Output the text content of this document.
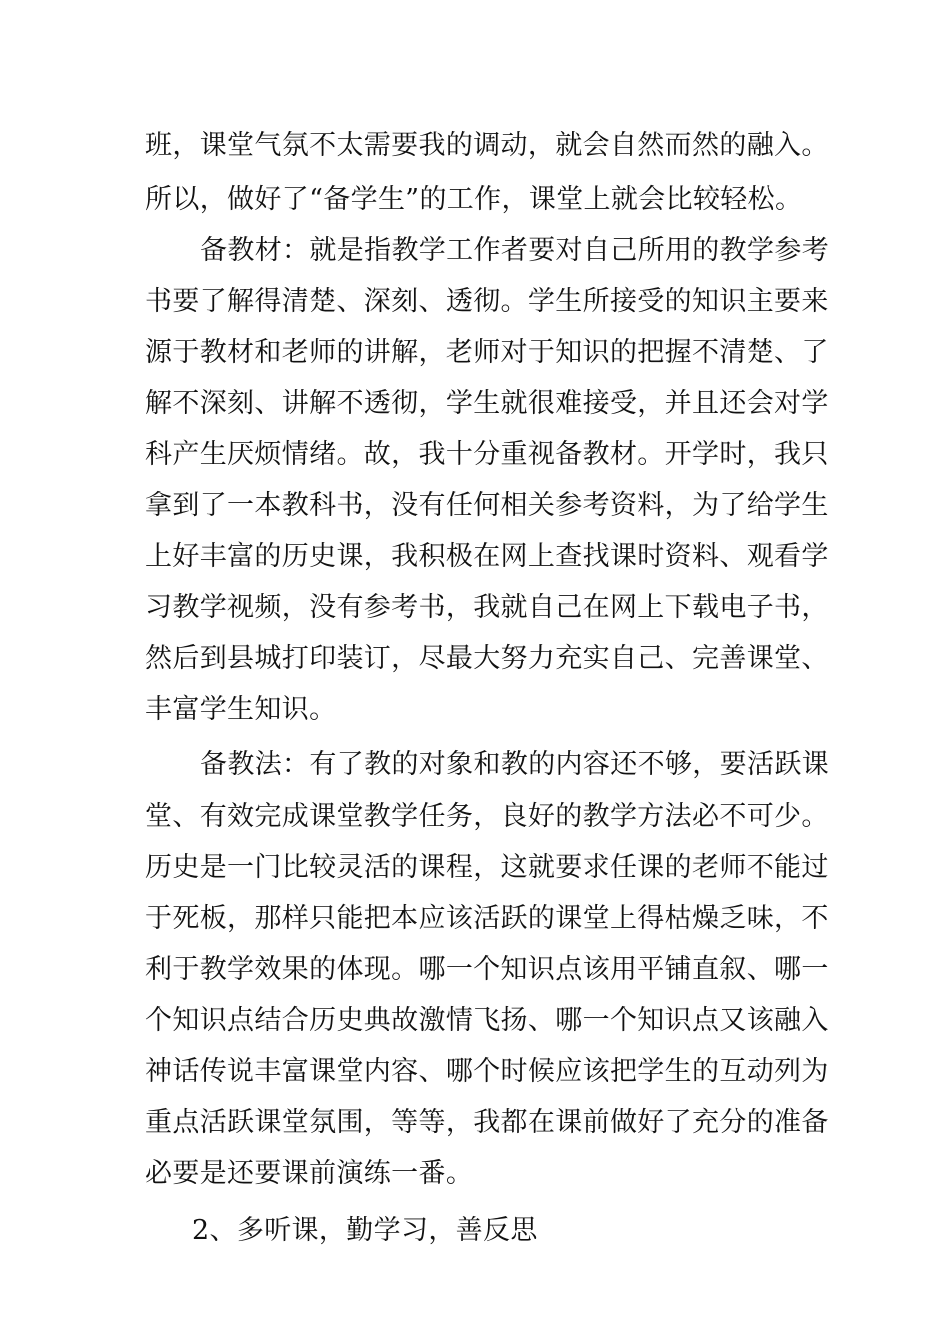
班，课堂气氛不太需要我的调动，就会自然而然的融入。
所以，做好了“备学生”的工作，课堂上就会比较轻松。
备教材：就是指教学工作者要对自己所用的教学参考
书要了解得清楚、深刻、透彻。学生所接受的知识主要来
源于教材和老师的讲解，老师对于知识的把握不清楚、了
解不深刻、讲解不透彻，学生就很难接受，并且还会对学
科产生厌烦情绪。故，我十分重视备教材。开学时，我只
拿到了一本教科书，没有任何相关参考资料，为了给学生
上好丰富的历史课，我积极在网上查找课时资料、观看学
习教学视频，没有参考书，我就自己在网上下载电子书，
然后到县城打印装订，尽最大努力充实自己、完善课堂、
丰富学生知识。
备教法：有了教的对象和教的内容还不够，要活跃课
堂、有效完成课堂教学任务，良好的教学方法必不可少。
历史是一门比较灵活的课程，这就要求任课的老师不能过
于死板，那样只能把本应该活跃的课堂上得枯燥乏味，不
利于教学效果的体现。哪一个知识点该用平铺直叙、哪一
个知识点结合历史典故激情飞扬、哪一个知识点又该融入
神话传说丰富课堂内容、哪个时候应该把学生的互动列为
重点活跃课堂氛围，等等，我都在课前做好了充分的准备
必要是还要课前演练一番。
2、多听课，勤学习，善反思
